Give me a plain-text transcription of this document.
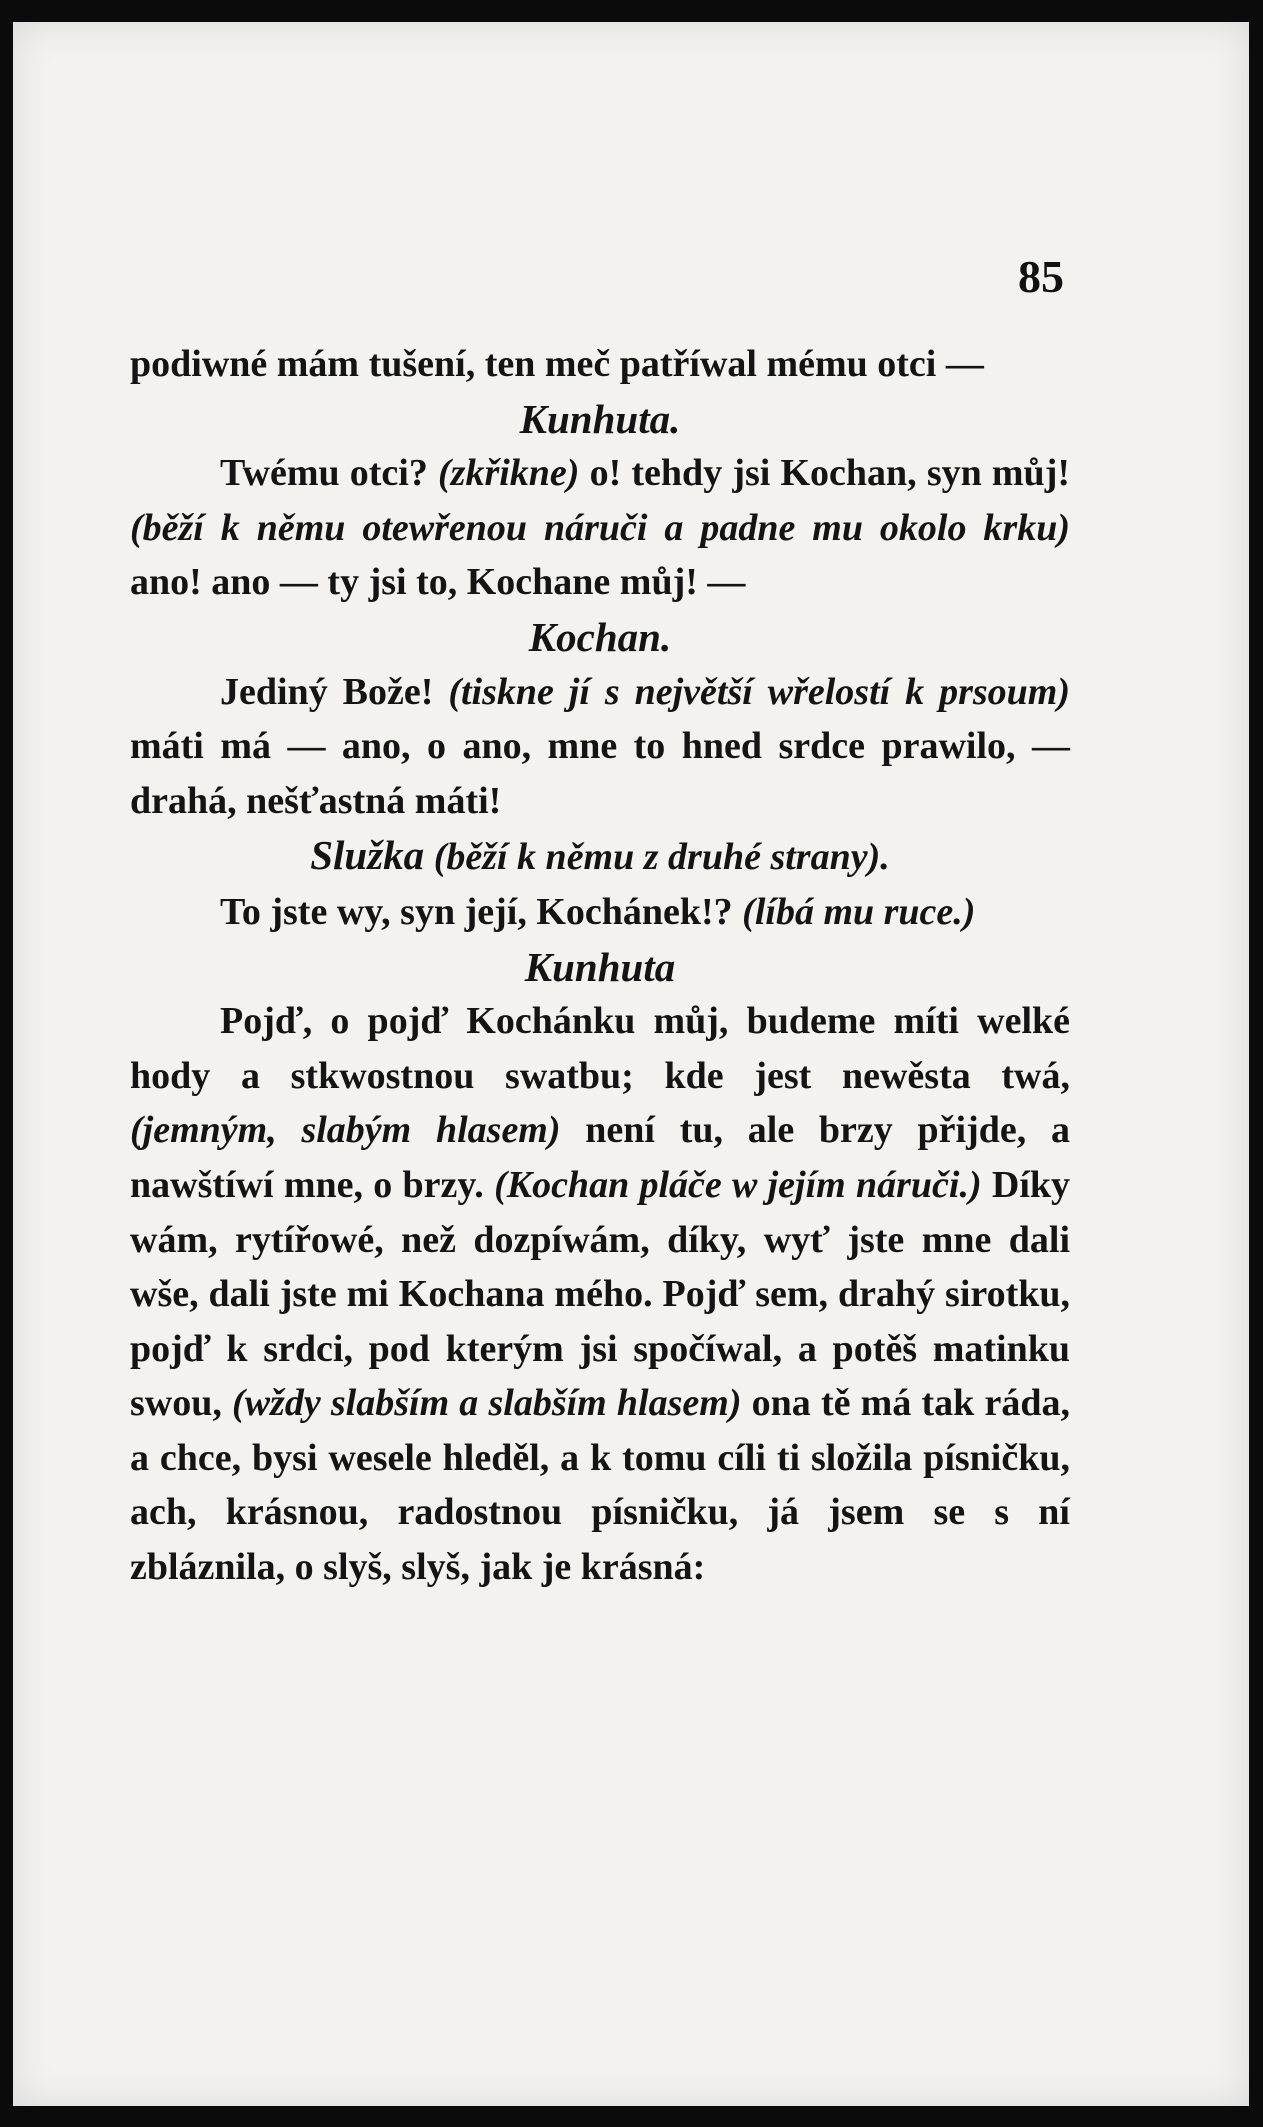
85

podiwné mám tušení, ten meč patříwal mému otci —

Kunhuta.

Twému otci? (zkřikne) o! tehdy jsi Kochan, syn můj! (běží k němu otewřenou náruči a padne mu okolo krku) ano! ano — ty jsi to, Kochane můj! —

Kochan.

Jediný Bože! (tiskne jí s největší wřelostí k prsoum) máti má — ano, o ano, mne to hned srdce prawilo, — drahá, nešťastná máti!

Služka (běží k němu z druhé strany).

To jste wy, syn její, Kochánek!? (líbá mu ruce.)

Kunhuta

Pojď, o pojď Kochánku můj, budeme míti welké hody a stkwostnou swatbu; kde jest newěsta twá, (jemným, slabým hlasem) není tu, ale brzy přijde, a nawštíwí mne, o brzy. (Kochan pláče w jejím náruči.) Díky wám, rytířowé, než dozpíwám, díky, wyť jste mne dali wše, dali jste mi Kochana mého. Pojď sem, drahý sirotku, pojď k srdci, pod kterým jsi spočíwal, a potěš matinku swou, (wždy slabším a slabším hlasem) ona tě má tak ráda, a chce, bysi wesele hleděl, a k tomu cíli ti složila písničku, ach, krásnou, radostnou písničku, já jsem se s ní zbláznila, o slyš, slyš, jak je krásná:
